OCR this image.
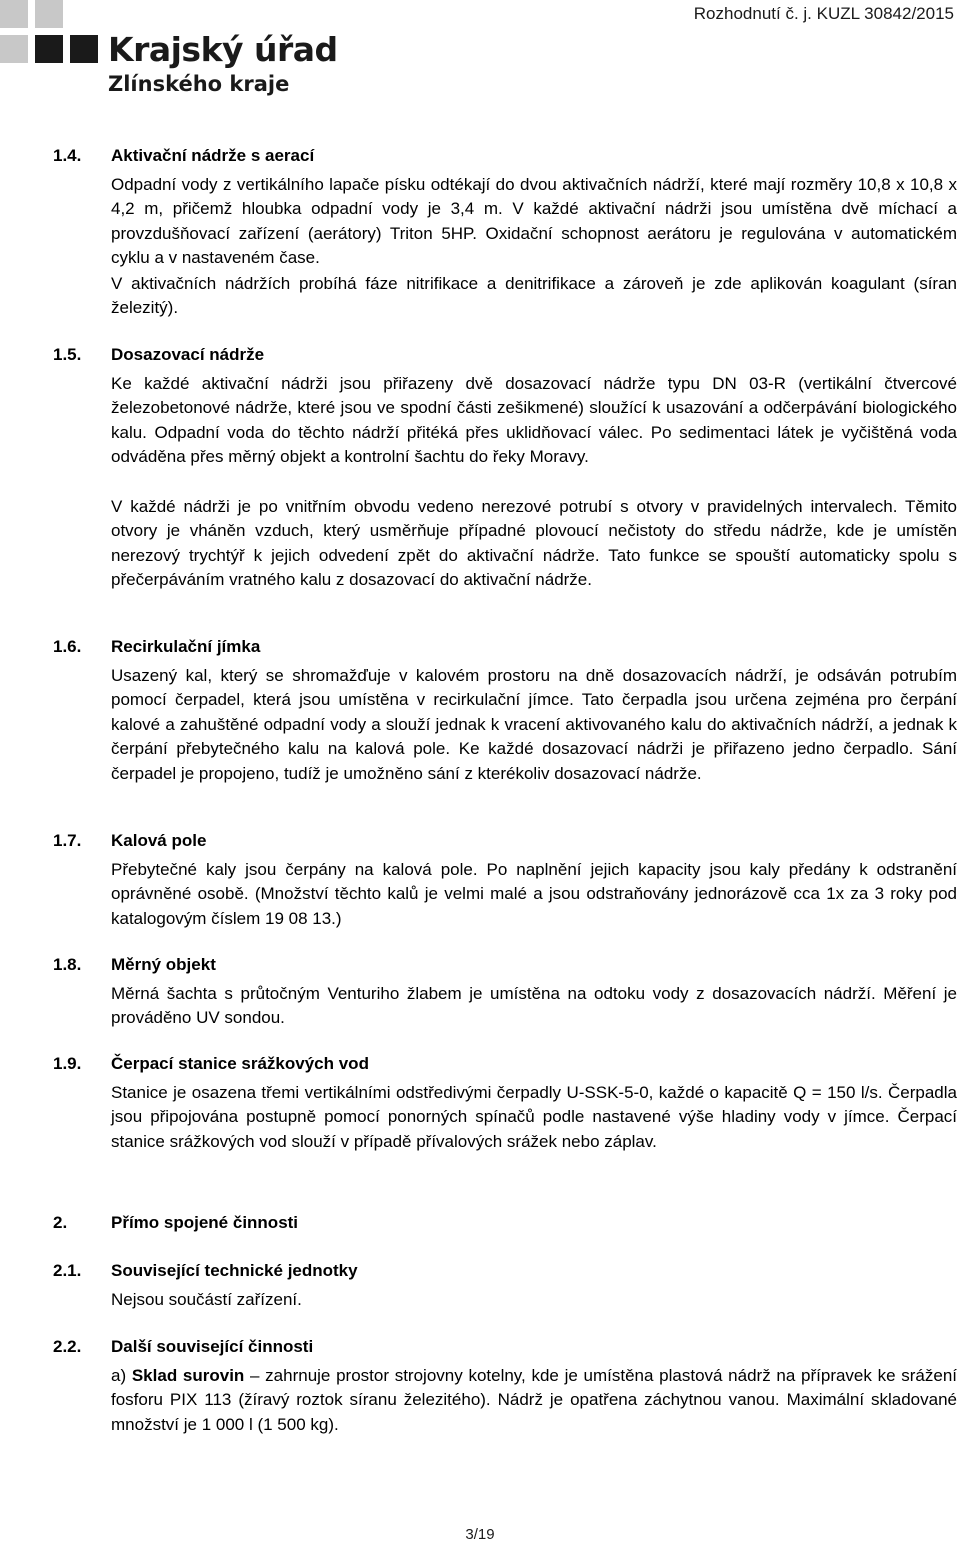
Krajský úřad
Zlínského kraje
Rozhodnutí č. j. KUZL 30842/2015
1.4. Aktivační nádrže s aerací
Odpadní vody z vertikálního lapače písku odtékají do dvou aktivačních nádrží, které mají rozměry 10,8 x 10,8 x 4,2 m, přičemž hloubka odpadní vody je 3,4 m. V každé aktivační nádrži jsou umístěna dvě míchací a provzdušňovací zařízení (aerátory) Triton 5HP. Oxidační schopnost aerátoru je regulována v automatickém cyklu a v nastaveném čase.
V aktivačních nádržích probíhá fáze nitrifikace a denitrifikace a zároveň je zde aplikován koagulant (síran železitý).
1.5. Dosazovací nádrže
Ke každé aktivační nádrži jsou přiřazeny dvě dosazovací nádrže typu DN 03-R (vertikální čtvercové železobetonové nádrže, které jsou ve spodní části zešikmené) sloužící k usazování a odčerpávání biologického kalu. Odpadní voda do těchto nádrží přitéká přes uklidňovací válec. Po sedimentaci látek je vyčištěná voda odváděna přes měrný objekt a kontrolní šachtu do řeky Moravy.
V každé nádrži je po vnitřním obvodu vedeno nerezové potrubí s otvory v pravidelných intervalech. Těmito otvory je vháněn vzduch, který usměrňuje případné plovoucí nečistoty do středu nádrže, kde je umístěn nerezový trychtýř k jejich odvedení zpět do aktivační nádrže. Tato funkce se spouští automaticky spolu s přečerpáváním vratného kalu z dosazovací do aktivační nádrže.
1.6. Recirkulační jímka
Usazený kal, který se shromažďuje v kalovém prostoru na dně dosazovacích nádrží, je odsáván potrubím pomocí čerpadel, která jsou umístěna v recirkulační jímce. Tato čerpadla jsou určena zejména pro čerpání kalové a zahuštěné odpadní vody a slouží jednak k vracení aktivovaného kalu do aktivačních nádrží, a jednak k čerpání přebytečného kalu na kalová pole. Ke každé dosazovací nádrži je přiřazeno jedno čerpadlo. Sání čerpadel je propojeno, tudíž je umožněno sání z kterékoliv dosazovací nádrže.
1.7. Kalová pole
Přebytečné kaly jsou čerpány na kalová pole. Po naplnění jejich kapacity jsou kaly předány k odstranění oprávněné osobě. (Množství těchto kalů je velmi malé a jsou odstraňovány jednorázově cca 1x za 3 roky pod katalogovým číslem 19 08 13.)
1.8. Měrný objekt
Měrná šachta s průtočným Venturiho žlabem je umístěna na odtoku vody z dosazovacích nádrží. Měření je prováděno UV sondou.
1.9. Čerpací stanice srážkových vod
Stanice je osazena třemi vertikálními odstředivými čerpadly U-SSK-5-0, každé o kapacitě Q = 150 l/s. Čerpadla jsou připojována postupně pomocí ponorných spínačů podle nastavené výše hladiny vody v jímce. Čerpací stanice srážkových vod slouží v případě přívalových srážek nebo záplav.
2.	Přímo spojené činnosti
2.1. Související technické jednotky
Nejsou součástí zařízení.
2.2. Další související činnosti
a) Sklad surovin – zahrnuje prostor strojovny kotelny, kde je umístěna plastová nádrž na přípravek ke srážení fosforu PIX 113 (žíravý roztok síranu železitého). Nádrž je opatřena záchytnou vanou. Maximální skladované množství je 1 000 l (1 500 kg).
3/19
